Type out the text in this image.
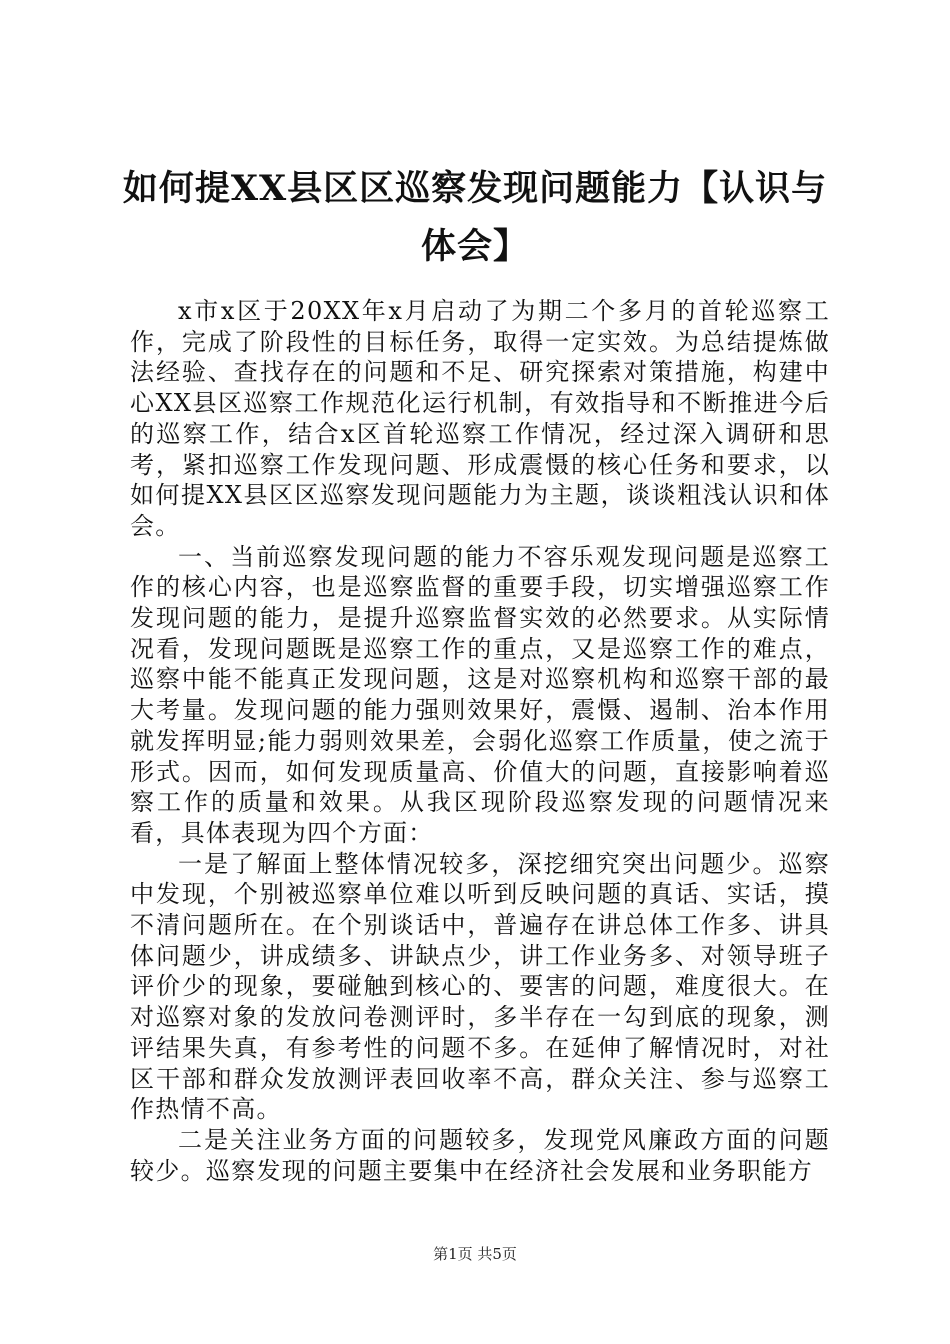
如何提XX县区区巡察发现问题能力【认识与体会】

x市x区于20XX年x月启动了为期二个多月的首轮巡察工作，完成了阶段性的目标任务，取得一定实效。为总结提炼做法经验、查找存在的问题和不足、研究探索对策措施，构建中心XX县区巡察工作规范化运行机制，有效指导和不断推进今后的巡察工作，结合x区首轮巡察工作情况，经过深入调研和思考，紧扣巡察工作发现问题、形成震慑的核心任务和要求，以如何提XX县区区巡察发现问题能力为主题，谈谈粗浅认识和体会。

一、当前巡察发现问题的能力不容乐观发现问题是巡察工作的核心内容，也是巡察监督的重要手段，切实增强巡察工作发现问题的能力，是提升巡察监督实效的必然要求。从实际情况看，发现问题既是巡察工作的重点，又是巡察工作的难点，巡察中能不能真正发现问题，这是对巡察机构和巡察干部的最大考量。发现问题的能力强则效果好，震慑、遏制、治本作用就发挥明显;能力弱则效果差，会弱化巡察工作质量，使之流于形式。因而，如何发现质量高、价值大的问题，直接影响着巡察工作的质量和效果。从我区现阶段巡察发现的问题情况来看，具体表现为四个方面：

一是了解面上整体情况较多，深挖细究突出问题少。巡察中发现，个别被巡察单位难以听到反映问题的真话、实话，摸不清问题所在。在个别谈话中，普遍存在讲总体工作多、讲具体问题少，讲成绩多、讲缺点少，讲工作业务多、对领导班子评价少的现象，要碰触到核心的、要害的问题，难度很大。在对巡察对象的发放问卷测评时，多半存在一勾到底的现象，测评结果失真，有参考性的问题不多。在延伸了解情况时，对社区干部和群众发放测评表回收率不高，群众关注、参与巡察工作热情不高。

二是关注业务方面的问题较多，发现党风廉政方面的问题较少。巡察发现的问题主要集中在经济社会发展和业务职能方

第1页 共5页
